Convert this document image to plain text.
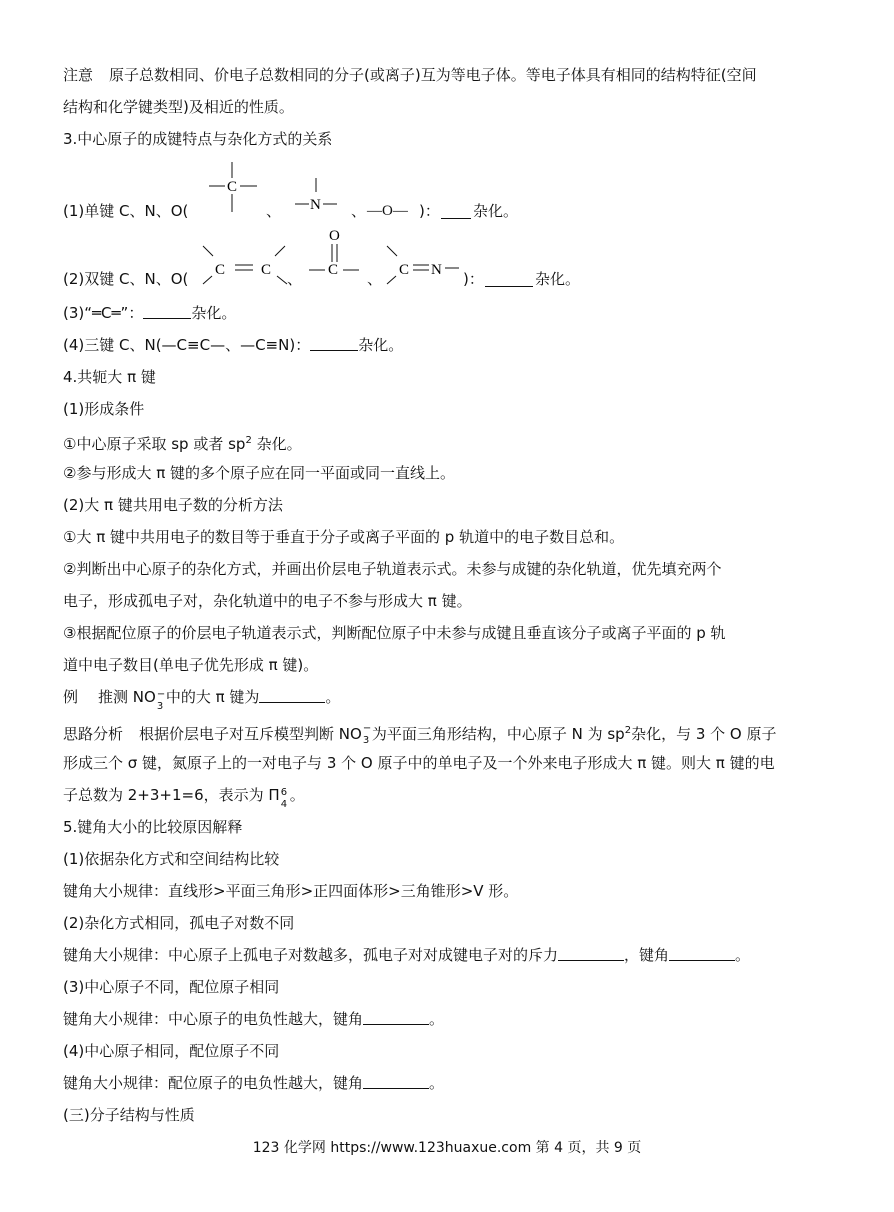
注意 原子总数相同、价电子总数相同的分子(或离子)互为等电子体。等电子体具有相同的结构特征(空间
结构和化学键类型)及相近的性质。
3.中心原子的成键特点与杂化方式的关系
(1)单键 C、N、O(
C
、 N 、 —O— )： 杂化。
(2)双键 C、N、O( C C 、
O
C 、 C N )：	杂化。
(3)“═C═”：	杂化。
(4)三键 C、N(—C≡C—、—C≡N)：	杂化。
4.共轭大 π 键
(1)形成条件
①中心原子采取 sp 或者 $sp^2$ 杂化。
②参与形成大 π 键的多个原子应在同一平面或同一直线上。
(2)大 π 键共用电子数的分析方法
①大 π 键中共用电子的数目等于垂直于分子或离子平面的 p 轨道中的电子数目总和。
②判断出中心原子的杂化方式，并画出价层电子轨道表示式。未参与成键的杂化轨道，优先填充两个
电子，形成孤电子对，杂化轨道中的电子不参与形成大 π 键。
③根据配位原子的价层电子轨道表示式，判断配位原子中未参与成键且垂直该分子或离子平面的 p 轨
道中电子数目(单电子优先形成 π 键)。
例 推测 NO −
3
中的大 π 键为	。
思路分析 根据价层电子对互斥模型判断 NO −
3 为平面三角形结构，中心原子 N 为 $sp^2$杂化，与 3 个 O 原子
形成三个 σ 键，氮原子上的一对电子与 3 个 O 原子中的单电子及一个外来电子形成大 π 键。则大 π 键的电
子总数为 2+3+1=6，表示为 Π 6
4
。
5.键角大小的比较原因解释
(1)依据杂化方式和空间结构比较
键角大小规律：直线形>平面三角形>正四面体形>三角锥形>V 形。
(2)杂化方式相同，孤电子对数不同
键角大小规律：中心原子上孤电子对数越多，孤电子对对成键电子对的斥力	，键角	。
(3)中心原子不同，配位原子相同
键角大小规律：中心原子的电负性越大，键角	。
(4)中心原子相同，配位原子不同
键角大小规律：配位原子的电负性越大，键角	。
(三)分子结构与性质
123 化学网 https://www.123huaxue.com 第 4 页，共 9 页
